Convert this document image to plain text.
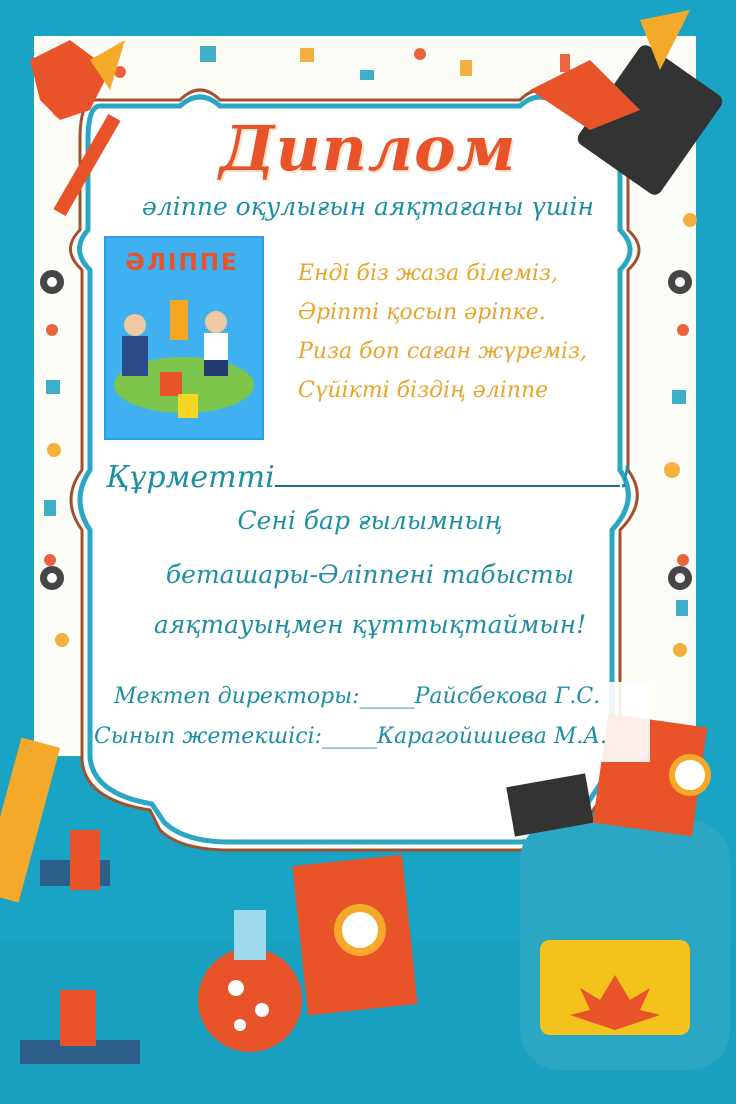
Диплом
әліппе оқулығын аяқтағаны үшін
ӘЛІППЕ	Енді біз жаза білеміз,
Әріпті қосып әріпке.
Риза боп саған жүреміз,
Сүйікті біздің әліппе
Құрметті	!
Сені бар ғылымның
беташары-Әліппені табысты
аяқтауыңмен құттықтаймын!
Мектеп директоры:_____Райсбекова Г.С.
Сынып жетекшісі:_____Карагойшиева М.А.
